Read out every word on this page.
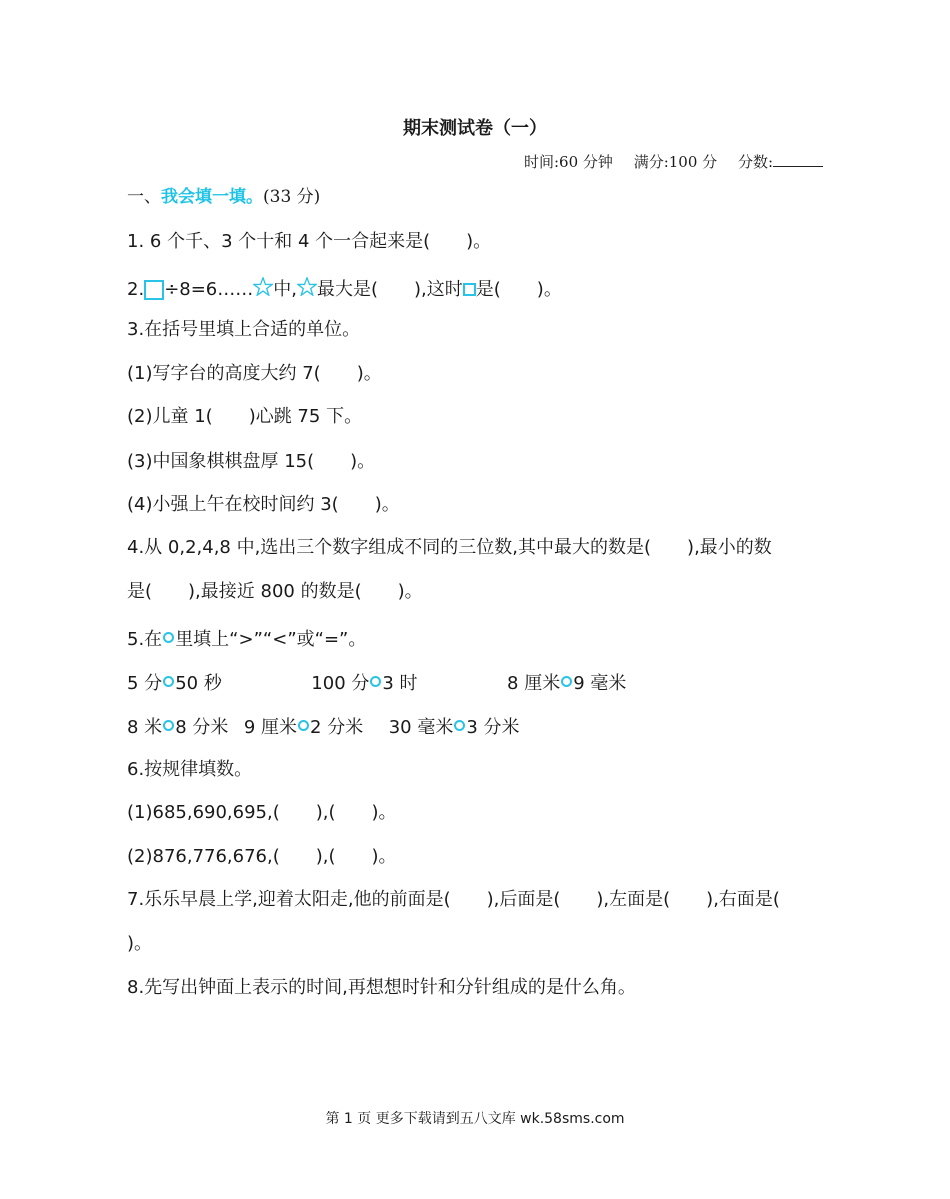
期末测试卷（一）
时间:60 分钟 满分:100 分 分数:
一、我会填一填。(33 分)
1. 6 个千、3 个十和 4 个一合起来是(　　)。
2. ÷8=6…… 中, 最大是(　　),这时 是(　　)。
3.在括号里填上合适的单位。
(1)写字台的高度大约 7(　　)。
(2)儿童 1(　　)心跳 75 下。
(3)中国象棋棋盘厚 15(　　)。
(4)小强上午在校时间约 3(　　)。
4.从 0,2,4,8 中,选出三个数字组成不同的三位数,其中最大的数是(　　),最小的数
是(　　),最接近 800 的数是(　　)。
5.在 里填上“>”“<”或“=”。
5 分 50 秒	100 分 3 时	8 厘米 9 毫米
8 米 8 分米 9 厘米 2 分米 30 毫米 3 分米
6.按规律填数。
(1)685,690,695,(　　),(　　)。
(2)876,776,676,(　　),(　　)。
7.乐乐早晨上学,迎着太阳走,他的前面是(　　),后面是(　　),左面是(　　),右面是(
)。
8.先写出钟面上表示的时间,再想想时针和分针组成的是什么角。
第 1 页 更多下载请到五八文库 wk.58sms.com
